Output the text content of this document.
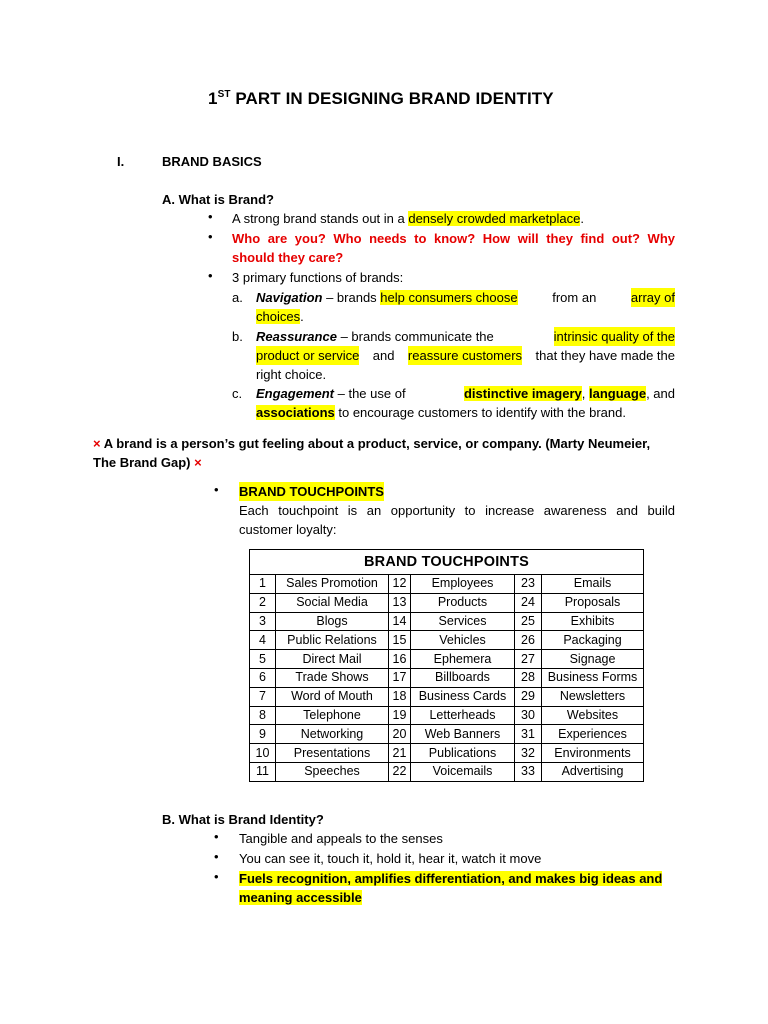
1ST PART IN DESIGNING BRAND IDENTITY
I.	BRAND BASICS
A. What is Brand?
• A strong brand stands out in a densely crowded marketplace.
• Who are you? Who needs to know? How will they find out? Why
should they care?
• 3 primary functions of brands:
a. Navigation – brands help consumers choose from an array of
choices.
b. Reassurance – brands communicate the	intrinsic quality of the
product or service and reassure customers that they have made the
right choice.
c. Engagement – the use of	distinctive imagery, language, and
associations to encourage customers to identify with the brand.
× A brand is a person’s gut feeling about a product, service, or company. (Marty Neumeier,
The Brand Gap) ×
• BRAND TOUCHPOINTS
Each touchpoint is an opportunity to increase awareness and build
customer loyalty:
BRAND TOUCHPOINTS					
1	Sales Promotion	12	Employees	23	Emails
2	Social Media	13	Products	24	Proposals
3	Blogs	14	Services	25	Exhibits
4	Public Relations	15	Vehicles	26	Packaging
5	Direct Mail	16	Ephemera	27	Signage
6	Trade Shows	17	Billboards	28	Business Forms
7	Word of Mouth	18	Business Cards	29	Newsletters
8	Telephone	19	Letterheads	30	Websites
9	Networking	20	Web Banners	31	Experiences
10	Presentations	21	Publications	32	Environments
11	Speeches	22	Voicemails	33	Advertising
B. What is Brand Identity?
• Tangible and appeals to the senses
• You can see it, touch it, hold it, hear it, watch it move
• Fuels recognition, amplifies differentiation, and makes big ideas and
meaning accessible
